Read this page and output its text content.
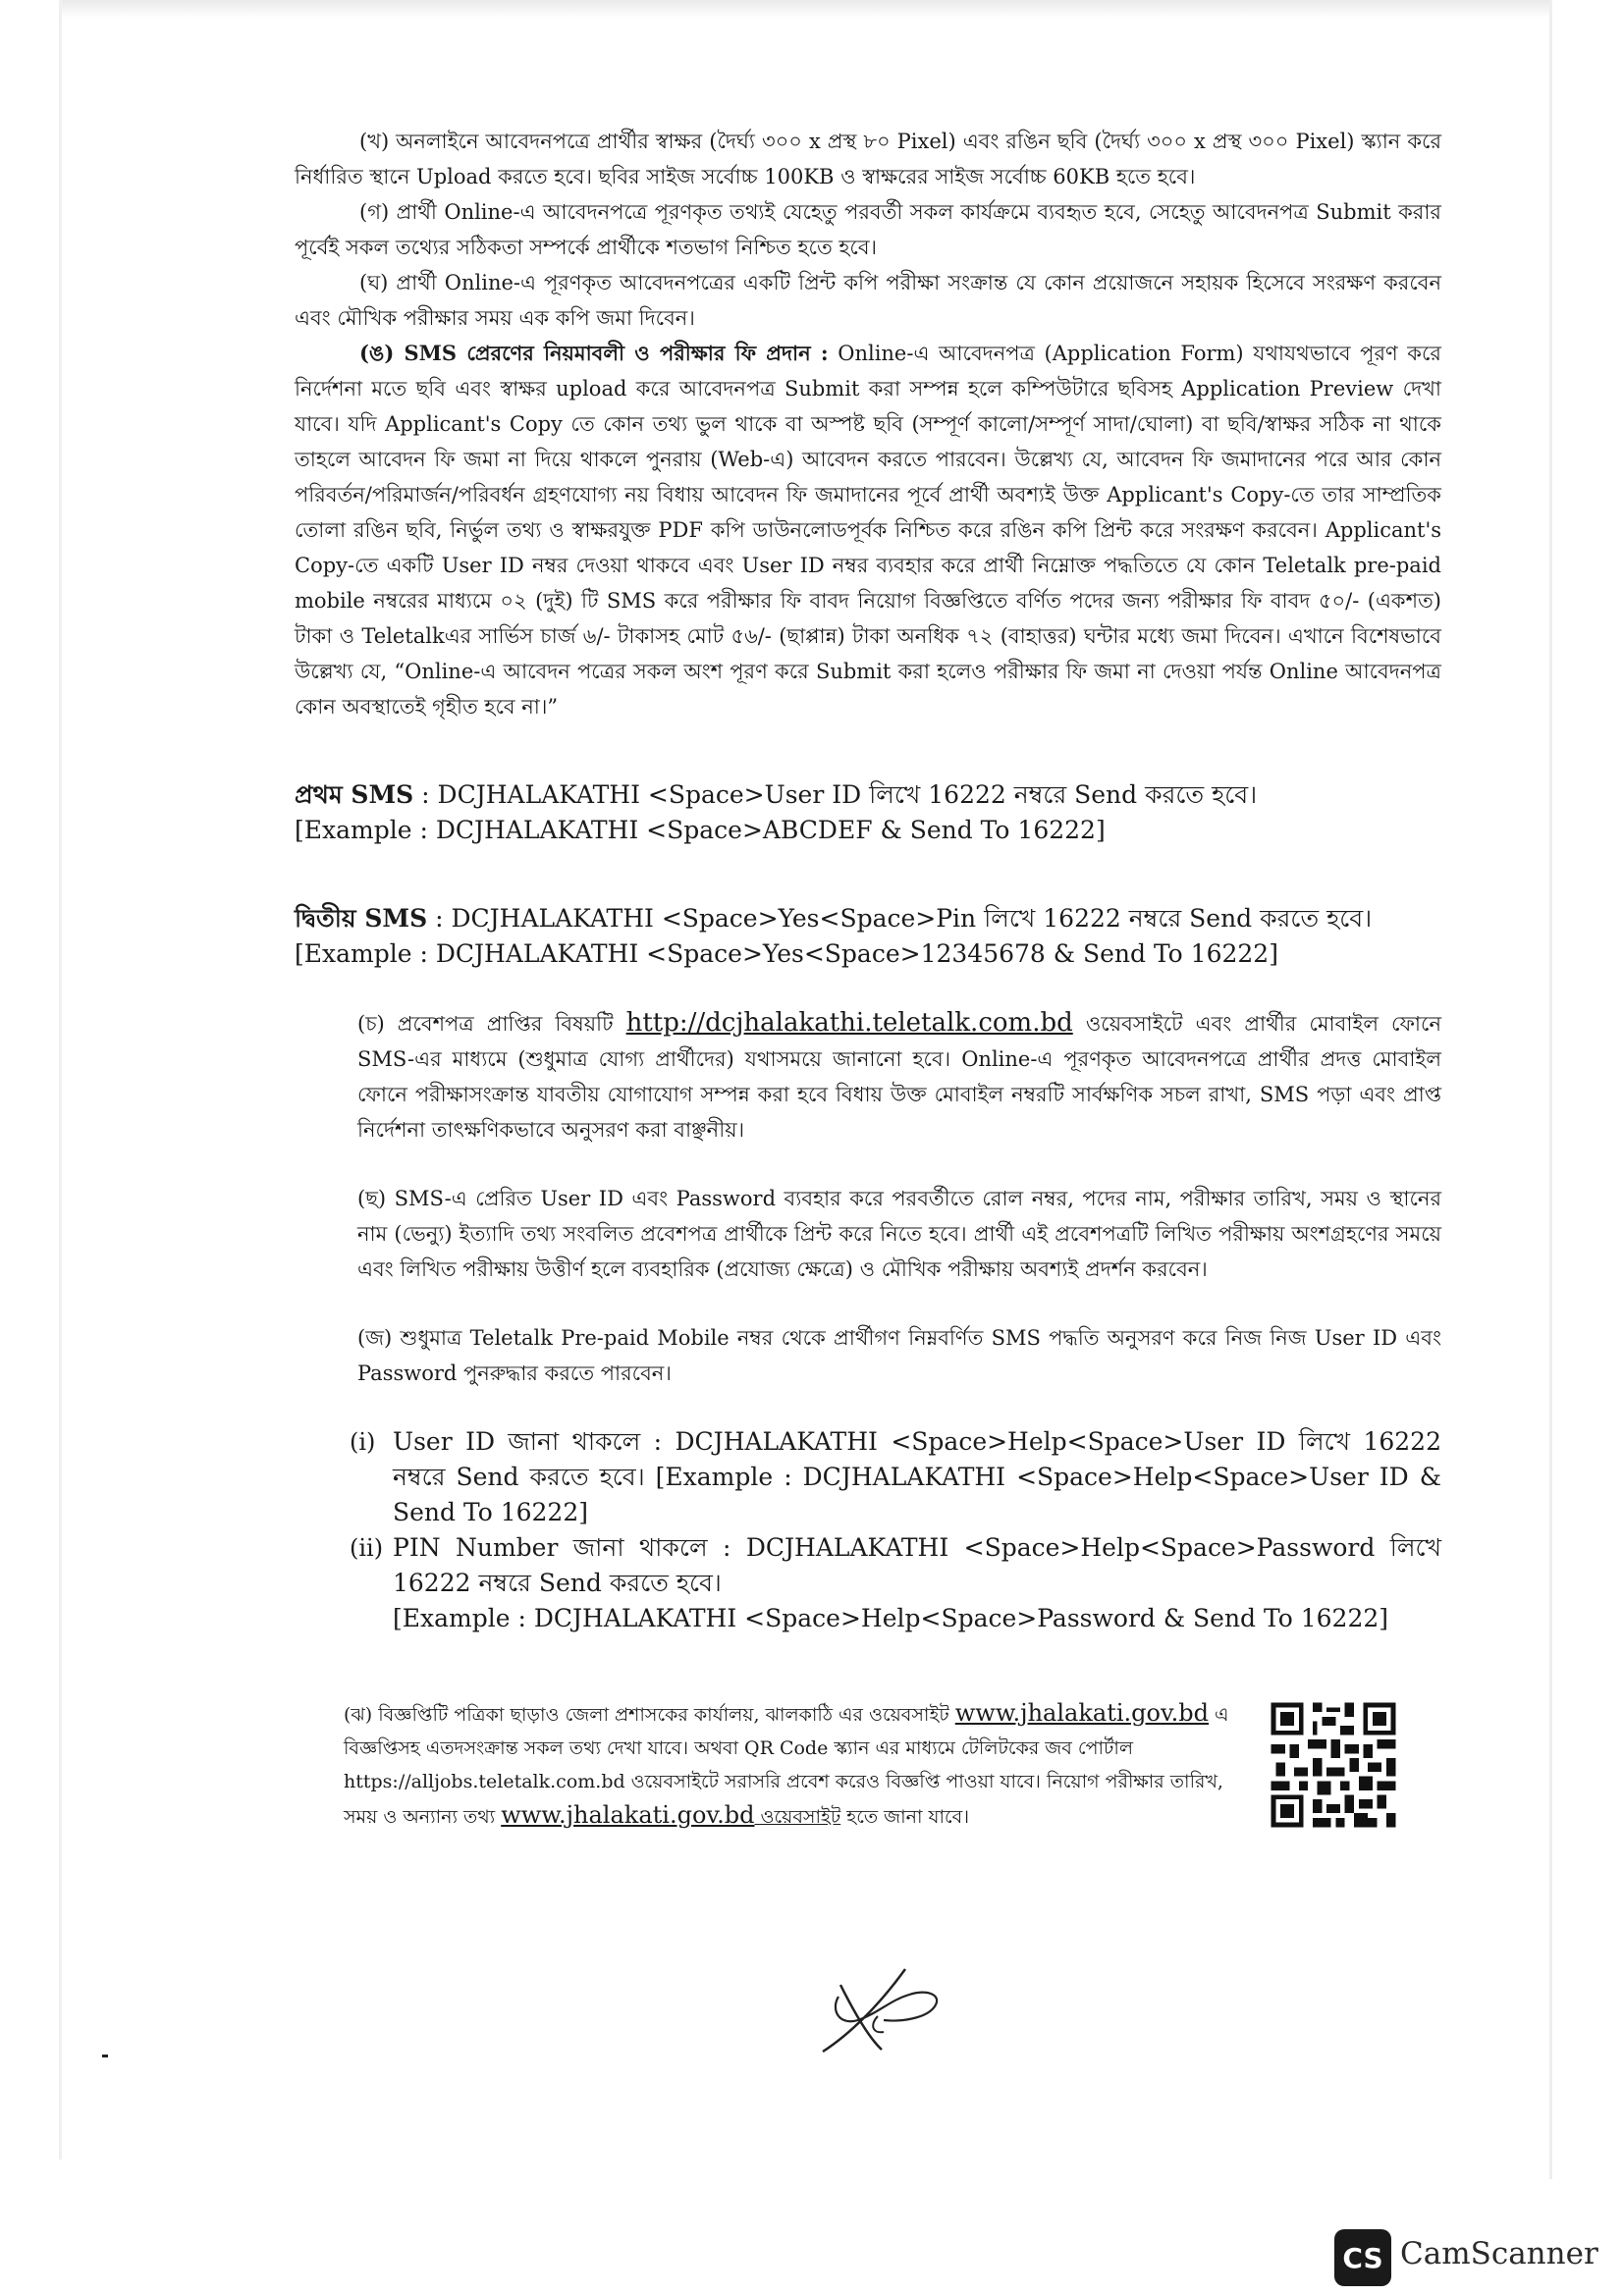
(খ) অনলাইনে আবেদনপত্রে প্রার্থীর স্বাক্ষর (দৈর্ঘ্য ৩০০ x প্রস্থ ৮০ Pixel) এবং রঙিন ছবি (দৈর্ঘ্য ৩০০ x প্রস্থ ৩০০ Pixel) স্ক্যান করে নির্ধারিত স্থানে Upload করতে হবে। ছবির সাইজ সর্বোচ্চ 100KB ও স্বাক্ষরের সাইজ সর্বোচ্চ 60KB হতে হবে।

(গ) প্রার্থী Online-এ আবেদনপত্রে পূরণকৃত তথ্যই যেহেতু পরবর্তী সকল কার্যক্রমে ব্যবহৃত হবে, সেহেতু আবেদনপত্র Submit করার পূর্বেই সকল তথ্যের সঠিকতা সম্পর্কে প্রার্থীকে শতভাগ নিশ্চিত হতে হবে।

(ঘ) প্রার্থী Online-এ পূরণকৃত আবেদনপত্রের একটি প্রিন্ট কপি পরীক্ষা সংক্রান্ত যে কোন প্রয়োজনে সহায়ক হিসেবে সংরক্ষণ করবেন এবং মৌখিক পরীক্ষার সময় এক কপি জমা দিবেন।

(ঙ) SMS প্রেরণের নিয়মাবলী ও পরীক্ষার ফি প্রদান : Online-এ আবেদনপত্র (Application Form) যথাযথভাবে পূরণ করে নির্দেশনা মতে ছবি এবং স্বাক্ষর upload করে আবেদনপত্র Submit করা সম্পন্ন হলে কম্পিউটারে ছবিসহ Application Preview দেখা যাবে। যদি Applicant's Copy তে কোন তথ্য ভুল থাকে বা অস্পষ্ট ছবি (সম্পূর্ণ কালো/সম্পূর্ণ সাদা/ঘোলা) বা ছবি/স্বাক্ষর সঠিক না থাকে তাহলে আবেদন ফি জমা না দিয়ে থাকলে পুনরায় (Web-এ) আবেদন করতে পারবেন। উল্লেখ্য যে, আবেদন ফি জমাদানের পরে আর কোন পরিবর্তন/পরিমার্জন/পরিবর্ধন গ্রহণযোগ্য নয় বিধায় আবেদন ফি জমাদানের পূর্বে প্রার্থী অবশ্যই উক্ত Applicant's Copy-তে তার সাম্প্রতিক তোলা রঙিন ছবি, নির্ভুল তথ্য ও স্বাক্ষরযুক্ত PDF কপি ডাউনলোডপূর্বক নিশ্চিত করে রঙিন কপি প্রিন্ট করে সংরক্ষণ করবেন। Applicant's Copy-তে একটি User ID নম্বর দেওয়া থাকবে এবং User ID নম্বর ব্যবহার করে প্রার্থী নিম্নোক্ত পদ্ধতিতে যে কোন Teletalk pre-paid mobile নম্বরের মাধ্যমে ০২ (দুই) টি SMS করে পরীক্ষার ফি বাবদ নিয়োগ বিজ্ঞপ্তিতে বর্ণিত পদের জন্য পরীক্ষার ফি বাবদ ৫০/- (একশত) টাকা ও Teletalkএর সার্ভিস চার্জ ৬/- টাকাসহ মোট ৫৬/- (ছাপ্পান্ন) টাকা অনধিক ৭২ (বাহাত্তর) ঘন্টার মধ্যে জমা দিবেন। এখানে বিশেষভাবে উল্লেখ্য যে, “Online-এ আবেদন পত্রের সকল অংশ পূরণ করে Submit করা হলেও পরীক্ষার ফি জমা না দেওয়া পর্যন্ত Online আবেদনপত্র কোন অবস্থাতেই গৃহীত হবে না।”

প্রথম SMS : DCJHALAKATHI <Space>User ID লিখে 16222 নম্বরে Send করতে হবে।
[Example : DCJHALAKATHI <Space>ABCDEF & Send To 16222]

দ্বিতীয় SMS : DCJHALAKATHI <Space>Yes<Space>Pin লিখে 16222 নম্বরে Send করতে হবে।
[Example : DCJHALAKATHI <Space>Yes<Space>12345678 & Send To 16222]

(চ) প্রবেশপত্র প্রাপ্তির বিষয়টি http://dcjhalakathi.teletalk.com.bd ওয়েবসাইটে এবং প্রার্থীর মোবাইল ফোনে SMS-এর মাধ্যমে (শুধুমাত্র যোগ্য প্রার্থীদের) যথাসময়ে জানানো হবে। Online-এ পূরণকৃত আবেদনপত্রে প্রার্থীর প্রদত্ত মোবাইল ফোনে পরীক্ষাসংক্রান্ত যাবতীয় যোগাযোগ সম্পন্ন করা হবে বিধায় উক্ত মোবাইল নম্বরটি সার্বক্ষণিক সচল রাখা, SMS পড়া এবং প্রাপ্ত নির্দেশনা তাৎক্ষণিকভাবে অনুসরণ করা বাঞ্ছনীয়।

(ছ) SMS-এ প্রেরিত User ID এবং Password ব্যবহার করে পরবর্তীতে রোল নম্বর, পদের নাম, পরীক্ষার তারিখ, সময় ও স্থানের নাম (ভেন্যু) ইত্যাদি তথ্য সংবলিত প্রবেশপত্র প্রার্থীকে প্রিন্ট করে নিতে হবে। প্রার্থী এই প্রবেশপত্রটি লিখিত পরীক্ষায় অংশগ্রহণের সময়ে এবং লিখিত পরীক্ষায় উত্তীর্ণ হলে ব্যবহারিক (প্রযোজ্য ক্ষেত্রে) ও মৌখিক পরীক্ষায় অবশ্যই প্রদর্শন করবেন।

(জ) শুধুমাত্র Teletalk Pre-paid Mobile নম্বর থেকে প্রার্থীগণ নিম্নবর্ণিত SMS পদ্ধতি অনুসরণ করে নিজ নিজ User ID এবং Password পুনরুদ্ধার করতে পারবেন।

(i) User ID জানা থাকলে : DCJHALAKATHI <Space>Help<Space>User ID লিখে 16222 নম্বরে Send করতে হবে। [Example : DCJHALAKATHI <Space>Help<Space>User ID & Send To 16222]
(ii) PIN Number জানা থাকলে : DCJHALAKATHI <Space>Help<Space>Password লিখে 16222 নম্বরে Send করতে হবে।
[Example : DCJHALAKATHI <Space>Help<Space>Password & Send To 16222]
(ঝ) বিজ্ঞপ্তিটি পত্রিকা ছাড়াও জেলা প্রশাসকের কার্যালয়, ঝালকাঠি এর ওয়েবসাইট www.jhalakati.gov.bd এ বিজ্ঞপ্তিসহ এতদসংক্রান্ত সকল তথ্য দেখা যাবে। অথবা QR Code স্ক্যান এর মাধ্যমে টেলিটকের জব পোর্টাল https://alljobs.teletalk.com.bd ওয়েবসাইটে সরাসরি প্রবেশ করেও বিজ্ঞপ্তি পাওয়া যাবে। নিয়োগ পরীক্ষার তারিখ, সময় ও অন্যান্য তথ্য www.jhalakati.gov.bd ওয়েবসাইট হতে জানা যাবে।
CS CamScanner
